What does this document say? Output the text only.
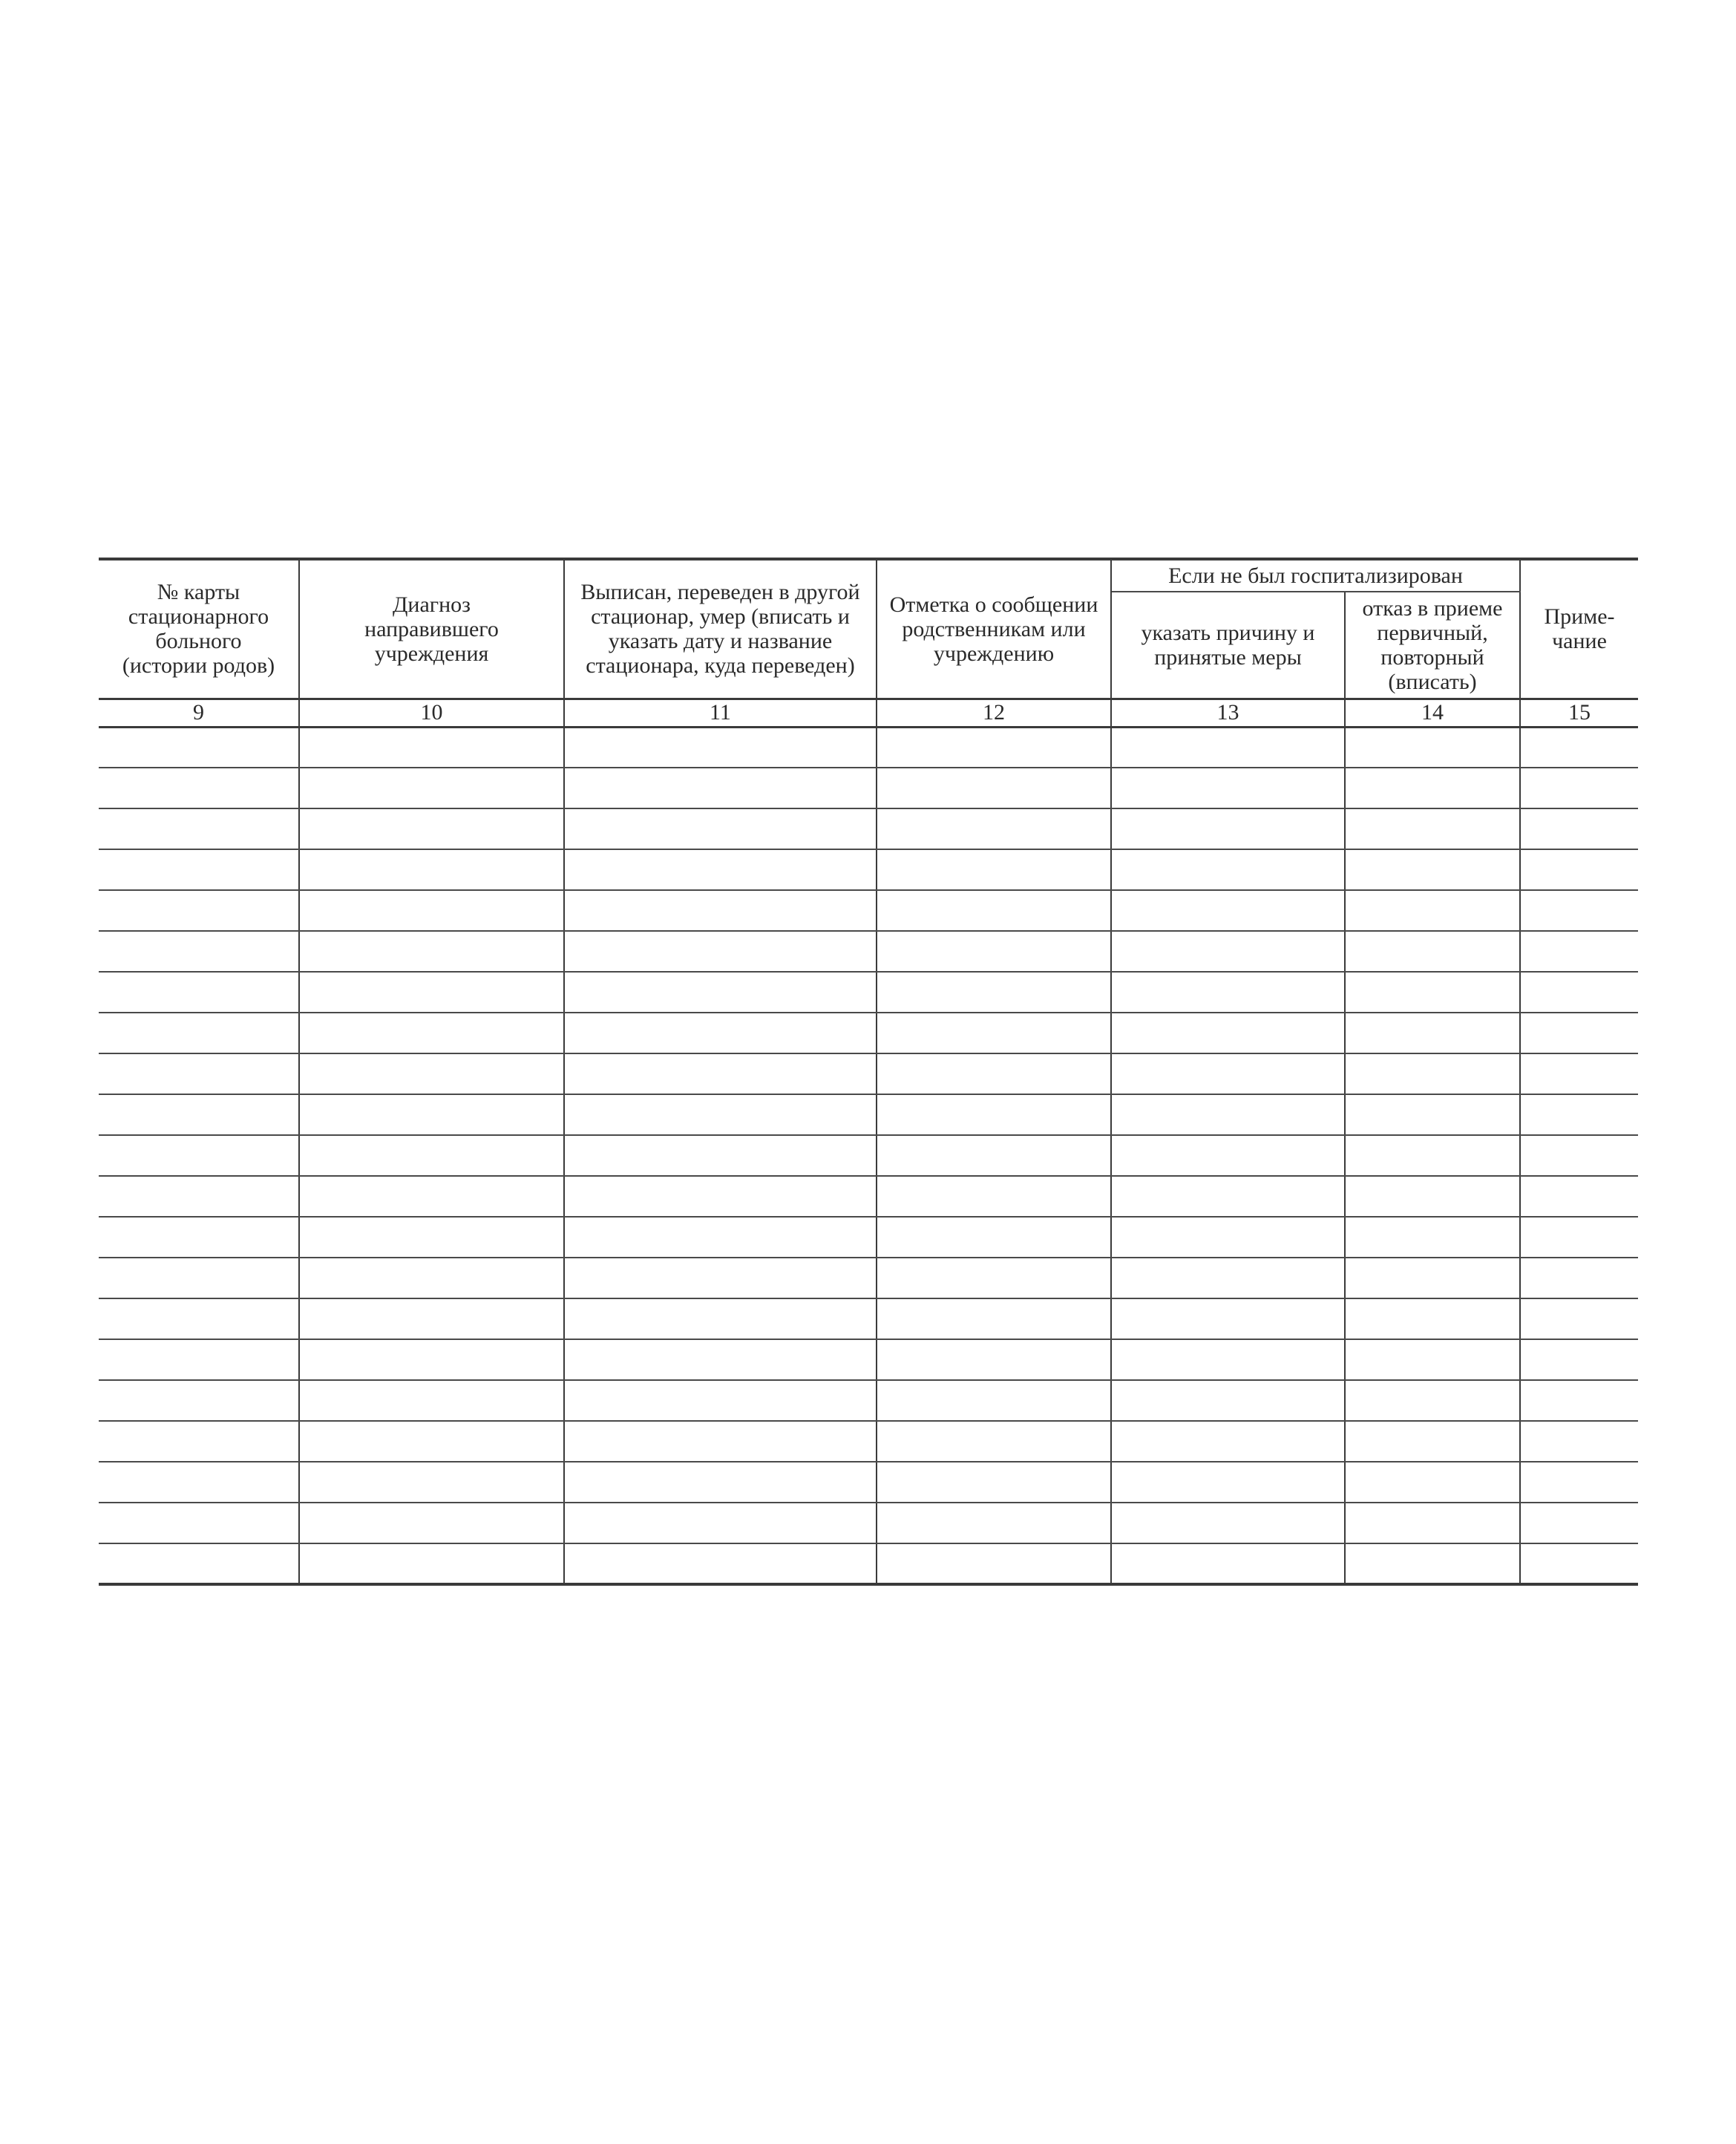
№ карты стационарного больного (истории родов)	Диагноз направившего учреждения	Выписан, переведен в другой стационар, умер (вписать и указать дату и название стационара, куда переведен)	Отметка о сообщении родственникам или учреждению	Если не был госпитализирован		Приме-чание

				указать причину и принятые меры	отказ в приеме первичный, повторный (вписать)	

9	10	11	12	13	14	15
